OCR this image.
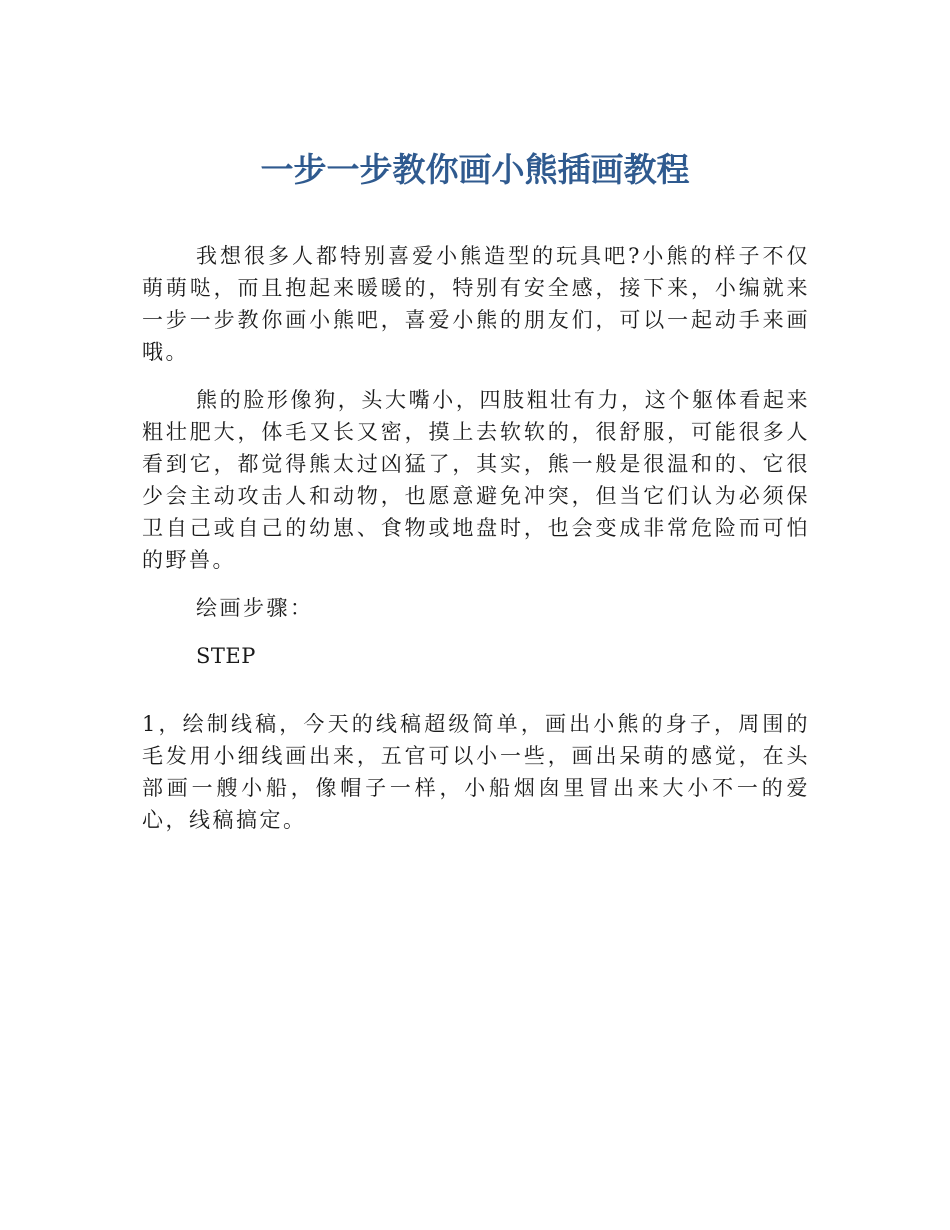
一步一步教你画小熊插画教程

我想很多人都特别喜爱小熊造型的玩具吧?小熊的样子不仅萌萌哒，而且抱起来暖暖的，特别有安全感，接下来，小编就来一步一步教你画小熊吧，喜爱小熊的朋友们，可以一起动手来画哦。

熊的脸形像狗，头大嘴小，四肢粗壮有力，这个躯体看起来粗壮肥大，体毛又长又密，摸上去软软的，很舒服，可能很多人看到它，都觉得熊太过凶猛了，其实，熊一般是很温和的、它很少会主动攻击人和动物，也愿意避免冲突，但当它们认为必须保卫自己或自己的幼崽、食物或地盘时，也会变成非常危险而可怕的野兽。

绘画步骤：

STEP

1，绘制线稿，今天的线稿超级简单，画出小熊的身子，周围的毛发用小细线画出来，五官可以小一些，画出呆萌的感觉，在头部画一艘小船，像帽子一样，小船烟囱里冒出来大小不一的爱心，线稿搞定。
